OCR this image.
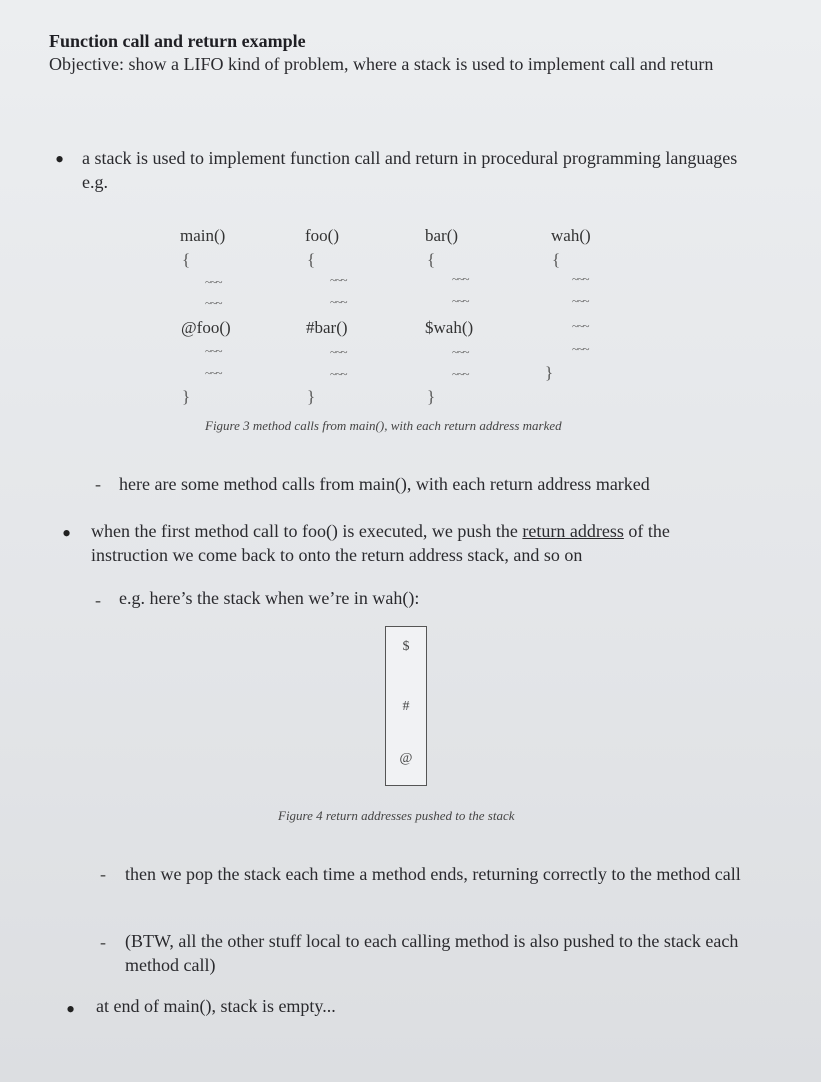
Function call and return example
Objective: show a LIFO kind of problem, where a stack is used to implement call and return
• a stack is used to implement function call and return in procedural programming languages e.g.
main()
{
~~~
~~~
@foo()
~~~
~~~
}
foo()
{
~~~
~~~
#bar()
~~~
~~~
}
bar()
{
~~~
~~~
$wah()
~~~
~~~
}
wah()
{
~~~
~~~
~~~
~~~
}
Figure 3 method calls from main(), with each return address marked
- here are some method calls from main(), with each return address marked
• when the first method call to foo() is executed, we push the return address of the instruction we come back to onto the return address stack, and so on
- e.g. here’s the stack when we’re in wah():
$
#
@
Figure 4 return addresses pushed to the stack
- then we pop the stack each time a method ends, returning correctly to the method call
- (BTW, all the other stuff local to each calling method is also pushed to the stack each method call)
• at end of main(), stack is empty...
